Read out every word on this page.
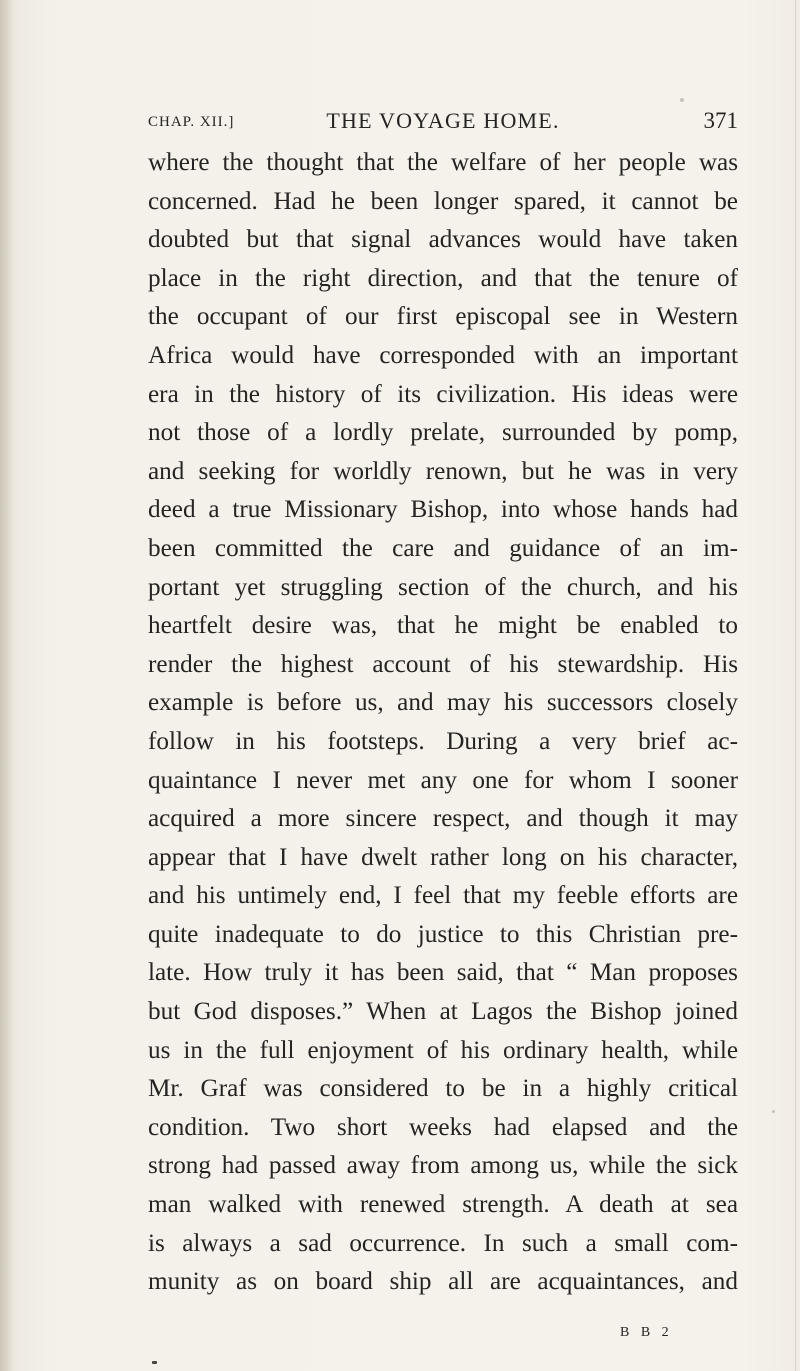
CHAP. XII.]	THE VOYAGE HOME.	371
where the thought that the welfare of her people was
concerned. Had he been longer spared, it cannot be
doubted but that signal advances would have taken
place in the right direction, and that the tenure of
the occupant of our first episcopal see in Western
Africa would have corresponded with an important
era in the history of its civilization. His ideas were
not those of a lordly prelate, surrounded by pomp,
and seeking for worldly renown, but he was in very
deed a true Missionary Bishop, into whose hands had
been committed the care and guidance of an im-
portant yet struggling section of the church, and his
heartfelt desire was, that he might be enabled to
render the highest account of his stewardship. His
example is before us, and may his successors closely
follow in his footsteps. During a very brief ac-
quaintance I never met any one for whom I sooner
acquired a more sincere respect, and though it may
appear that I have dwelt rather long on his character,
and his untimely end, I feel that my feeble efforts are
quite inadequate to do justice to this Christian pre-
late. How truly it has been said, that “ Man proposes
but God disposes.” When at Lagos the Bishop joined
us in the full enjoyment of his ordinary health, while
Mr. Graf was considered to be in a highly critical
condition. Two short weeks had elapsed and the
strong had passed away from among us, while the sick
man walked with renewed strength. A death at sea
is always a sad occurrence. In such a small com-
munity as on board ship all are acquaintances, and
B B 2
